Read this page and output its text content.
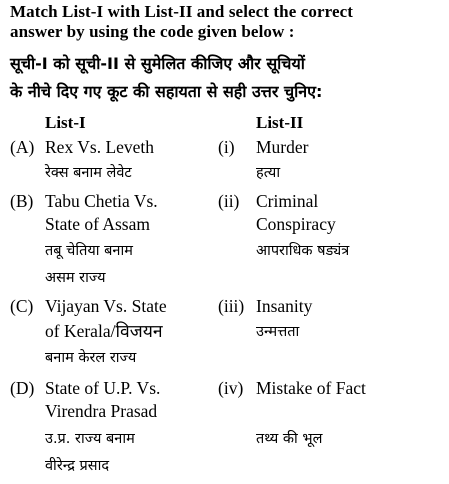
Match List-I with List-II and select the correct
answer by using the code given below :
सूची-I को सूची-II से सुमेलित कीजिए और सूचियों
के नीचे दिए गए कूट की सहायता से सही उत्तर चुनिए:
List-I	List-II
(A) Rex Vs. Leveth
रेक्स बनाम लेवेट
(B) Tabu Chetia Vs.
State of Assam
तबू चेतिया बनाम
असम राज्य
(C) Vijayan Vs. State
of Kerala/विजयन
बनाम केरल राज्य
(D) State of U.P. Vs.
Virendra Prasad
उ.प्र. राज्य बनाम
वीरेन्द्र प्रसाद
(i) Murder
हत्या
(ii) Criminal
Conspiracy
आपराधिक षड्यंत्र
(iii) Insanity
उन्मत्तता
(iv) Mistake of Fact
तथ्य की भूल
